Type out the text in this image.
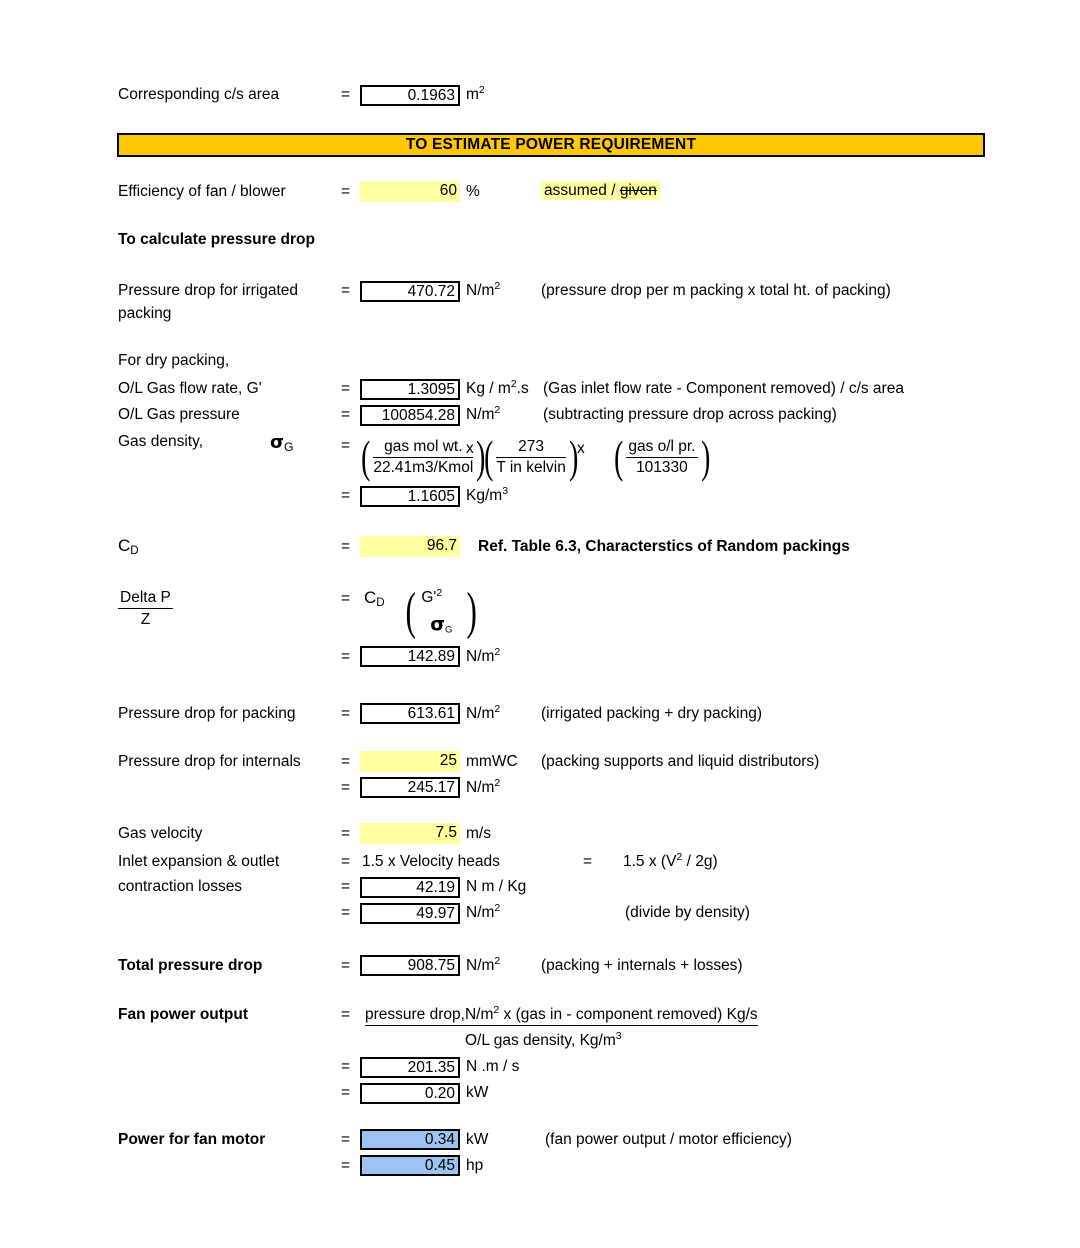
Corresponding c/s area	=	0.1963 $m^2$
TO ESTIMATE POWER REQUIREMENT
Efficiency of fan / blower	=	60 %	assumed / given
To calculate pressure drop
Pressure drop for irrigated
packing
=	470.72 $N/m^2$	(pressure drop per m packing x total ht. of packing)
For dry packing,
O/L Gas flow rate, G'	=	1.3095 Kg / $m^2.s$ (Gas inlet flow rate - Component removed) / c/s area
O/L Gas pressure	=	100854.28 $N/m^2$	(subtracting pressure drop across packing)
Gas density,	$\sigma_G$	= ( gas mol wt.
22.41m3/Kmol )
x (	273
T in kelvin )
x ( gas o/l pr.
101330 )
=	1.1605 $Kg/m^3$
$C_D$	=	96.7 Ref. Table 6.3, Characterstics of Random packings
Delta P
Z
= $C_D$ ( $G'^2$
$\sigma_G$ )
=	142.89 $N/m^2$
Pressure drop for packing	=	613.61 $N/m^2$	(irrigated packing + dry packing)
Pressure drop for internals	=	25 mmWC (packing supports and liquid distributors)
=	245.17 $N/m^2$
Gas velocity	=	7.5 m/s
Inlet expansion & outlet
contraction losses
= 1.5 x Velocity heads	= 1.5 x $(V^2 / 2g)$
=	42.19 N m / Kg
=	49.97 $N/m^2$	(divide by density)
Total pressure drop	=	908.75 $N/m^2$	(packing + internals + losses)
Fan power output	= pressure $drop,N/m^2$ x (gas in - component removed) Kg/s
O/L gas density, $Kg/m^3$
=	201.35 N .m / s
=	0.20 kW
Power for fan motor	=	0.34 kW	(fan power output / motor efficiency)
=	0.45 hp
